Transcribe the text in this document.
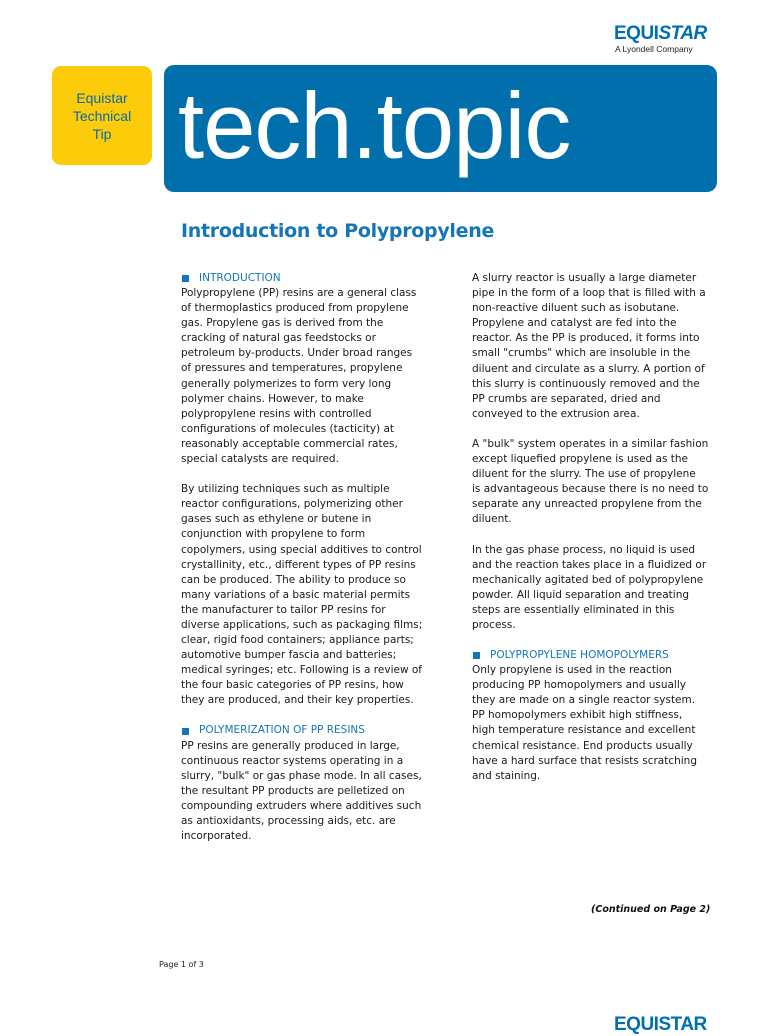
EQUISTAR
A Lyondell Company
Equistar
Technical
Tip tech.topic
Introduction to Polypropylene
INTRODUCTION

Polypropylene (PP) resins are a general class
of thermoplastics produced from propylene
gas. Propylene gas is derived from the
cracking of natural gas feedstocks or
petroleum by-products. Under broad ranges
of pressures and temperatures, propylene
generally polymerizes to form very long
polymer chains. However, to make
polypropylene resins with controlled
configurations of molecules (tacticity) at
reasonably acceptable commercial rates,
special catalysts are required.

By utilizing techniques such as multiple
reactor configurations, polymerizing other
gases such as ethylene or butene in
conjunction with propylene to form
copolymers, using special additives to control
crystallinity, etc., different types of PP resins
can be produced. The ability to produce so
many variations of a basic material permits
the manufacturer to tailor PP resins for
diverse applications, such as packaging films;
clear, rigid food containers; appliance parts;
automotive bumper fascia and batteries;
medical syringes; etc. Following is a review of
the four basic categories of PP resins, how
they are produced, and their key properties.

POLYMERIZATION OF PP RESINS

PP resins are generally produced in large,
continuous reactor systems operating in a
slurry, "bulk" or gas phase mode. In all cases,
the resultant PP products are pelletized on
compounding extruders where additives such
as antioxidants, processing aids, etc. are
incorporated.

A slurry reactor is usually a large diameter
pipe in the form of a loop that is filled with a
non-reactive diluent such as isobutane.
Propylene and catalyst are fed into the
reactor. As the PP is produced, it forms into
small "crumbs" which are insoluble in the
diluent and circulate as a slurry. A portion of
this slurry is continuously removed and the
PP crumbs are separated, dried and
conveyed to the extrusion area.

A "bulk" system operates in a similar fashion
except liquefied propylene is used as the
diluent for the slurry. The use of propylene
is advantageous because there is no need to
separate any unreacted propylene from the
diluent.

In the gas phase process, no liquid is used
and the reaction takes place in a fluidized or
mechanically agitated bed of polypropylene
powder. All liquid separation and treating
steps are essentially eliminated in this
process.

POLYPROPYLENE HOMOPOLYMERS

Only propylene is used in the reaction
producing PP homopolymers and usually
they are made on a single reactor system.
PP homopolymers exhibit high stiffness,
high temperature resistance and excellent
chemical resistance. End products usually
have a hard surface that resists scratching
and staining.

(Continued on Page 2)
Page 1 of 3
EQUISTAR
